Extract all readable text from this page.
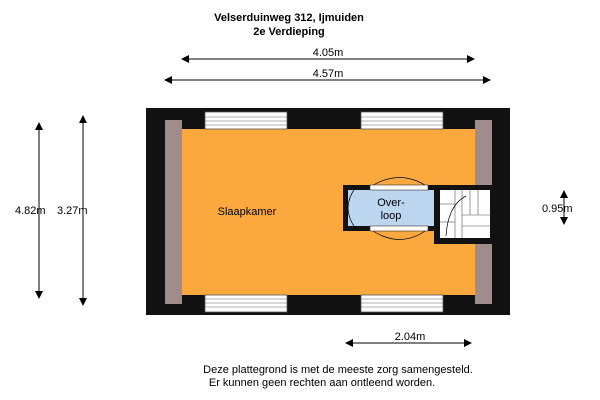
Velserduinweg 312, Ijmuiden
2e Verdieping
4.05m
4.57m
4.82m 3.27m	0.95m
2.04m
Slaapkamer
Over-
loop
Deze plattegrond is met de meeste zorg samengesteld.
Er kunnen geen rechten aan ontleend worden.
